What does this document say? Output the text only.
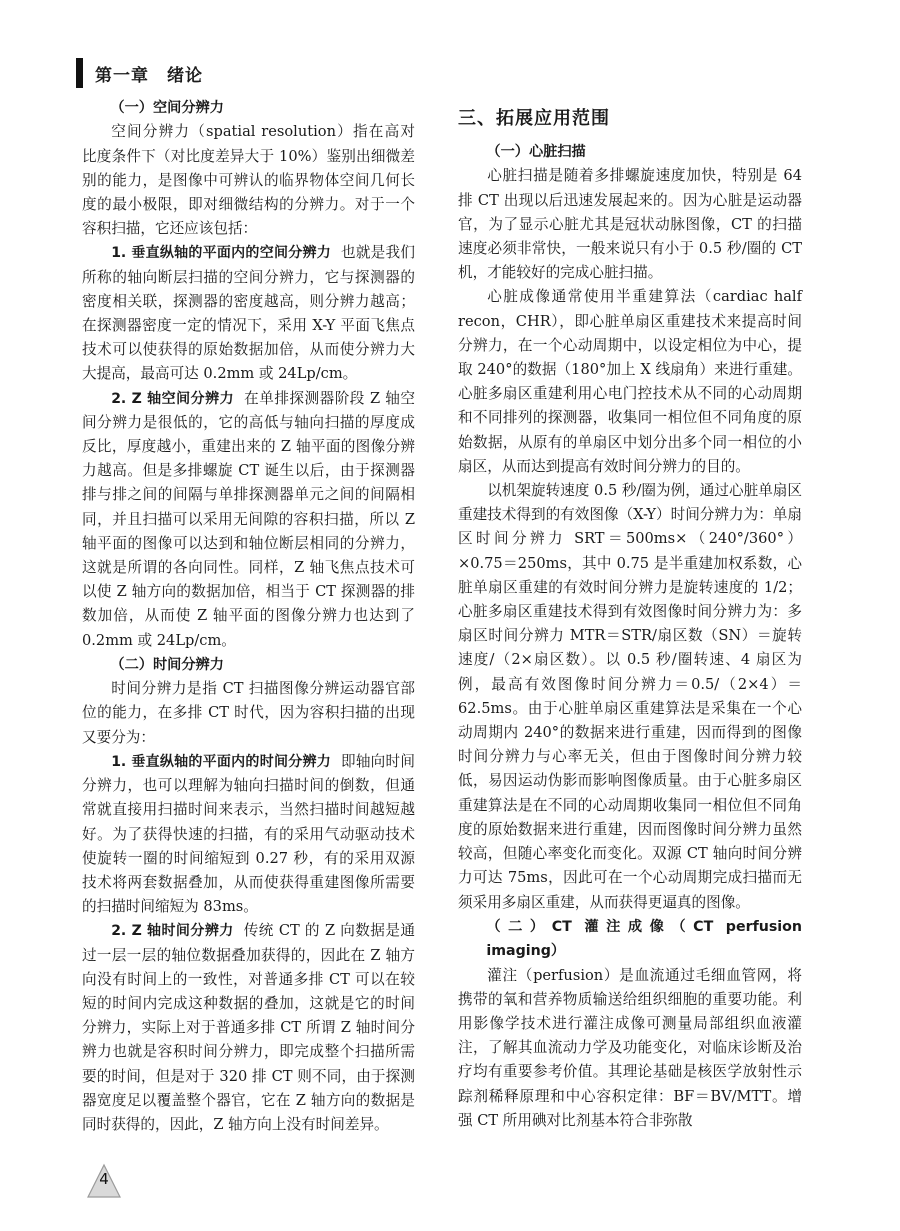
第一章　绪论
（一）空间分辨力

空间分辨力（spatial resolution）指在高对比度条件下（对比度差异大于 10%）鉴别出细微差别的能力，是图像中可辨认的临界物体空间几何长度的最小极限，即对细微结构的分辨力。对于一个容积扫描，它还应该包括：

1. 垂直纵轴的平面内的空间分辨力 也就是我们所称的轴向断层扫描的空间分辨力，它与探测器的密度相关联，探测器的密度越高，则分辨力越高；在探测器密度一定的情况下，采用 X-Y 平面飞焦点技术可以使获得的原始数据加倍，从而使分辨力大大提高，最高可达 0.2mm 或 24Lp/cm。

2. Z 轴空间分辨力 在单排探测器阶段 Z 轴空间分辨力是很低的，它的高低与轴向扫描的厚度成反比，厚度越小，重建出来的 Z 轴平面的图像分辨力越高。但是多排螺旋 CT 诞生以后，由于探测器排与排之间的间隔与单排探测器单元之间的间隔相同，并且扫描可以采用无间隙的容积扫描，所以 Z 轴平面的图像可以达到和轴位断层相同的分辨力，这就是所谓的各向同性。同样，Z 轴飞焦点技术可以使 Z 轴方向的数据加倍，相当于 CT 探测器的排数加倍，从而使 Z 轴平面的图像分辨力也达到了 0.2mm 或 24Lp/cm。

（二）时间分辨力

时间分辨力是指 CT 扫描图像分辨运动器官部位的能力，在多排 CT 时代，因为容积扫描的出现又要分为：

1. 垂直纵轴的平面内的时间分辨力 即轴向时间分辨力，也可以理解为轴向扫描时间的倒数，但通常就直接用扫描时间来表示，当然扫描时间越短越好。为了获得快速的扫描，有的采用气动驱动技术使旋转一圈的时间缩短到 0.27 秒，有的采用双源技术将两套数据叠加，从而使获得重建图像所需要的扫描时间缩短为 83ms。

2. Z 轴时间分辨力 传统 CT 的 Z 向数据是通过一层一层的轴位数据叠加获得的，因此在 Z 轴方向没有时间上的一致性，对普通多排 CT 可以在较短的时间内完成这种数据的叠加，这就是它的时间分辨力，实际上对于普通多排 CT 所谓 Z 轴时间分辨力也就是容积时间分辨力，即完成整个扫描所需要的时间，但是对于 320 排 CT 则不同，由于探测器宽度足以覆盖整个器官，它在 Z 轴方向的数据是同时获得的，因此，Z 轴方向上没有时间差异。

三、拓展应用范围
（一）心脏扫描

心脏扫描是随着多排螺旋速度加快，特别是 64 排 CT 出现以后迅速发展起来的。因为心脏是运动器官，为了显示心脏尤其是冠状动脉图像，CT 的扫描速度必须非常快，一般来说只有小于 0.5 秒/圈的 CT 机，才能较好的完成心脏扫描。

心脏成像通常使用半重建算法（cardiac half recon，CHR），即心脏单扇区重建技术来提高时间分辨力，在一个心动周期中，以设定相位为中心，提取 240°的数据（180°加上 X 线扇角）来进行重建。心脏多扇区重建利用心电门控技术从不同的心动周期和不同排列的探测器，收集同一相位但不同角度的原始数据，从原有的单扇区中划分出多个同一相位的小扇区，从而达到提高有效时间分辨力的目的。

以机架旋转速度 0.5 秒/圈为例，通过心脏单扇区重建技术得到的有效图像（X-Y）时间分辨力为：单扇区时间分辨力 SRT＝500ms×（240°/360°）×0.75＝250ms，其中 0.75 是半重建加权系数，心脏单扇区重建的有效时间分辨力是旋转速度的 1/2；心脏多扇区重建技术得到有效图像时间分辨力为：多扇区时间分辨力 MTR＝STR/扇区数（SN）＝旋转速度/（2×扇区数）。以 0.5 秒/圈转速、4 扇区为例，最高有效图像时间分辨力＝0.5/（2×4）＝62.5ms。由于心脏单扇区重建算法是采集在一个心动周期内 240°的数据来进行重建，因而得到的图像时间分辨力与心率无关，但由于图像时间分辨力较低，易因运动伪影而影响图像质量。由于心脏多扇区重建算法是在不同的心动周期收集同一相位但不同角度的原始数据来进行重建，因而图像时间分辨力虽然较高，但随心率变化而变化。双源 CT 轴向时间分辨力可达 75ms，因此可在一个心动周期完成扫描而无须采用多扇区重建，从而获得更逼真的图像。

（二）CT 灌注成像（CT perfusion imaging）

灌注（perfusion）是血流通过毛细血管网，将携带的氧和营养物质输送给组织细胞的重要功能。利用影像学技术进行灌注成像可测量局部组织血液灌注，了解其血流动力学及功能变化，对临床诊断及治疗均有重要参考价值。其理论基础是核医学放射性示踪剂稀释原理和中心容积定律：BF＝BV/MTT。增强 CT 所用碘对比剂基本符合非弥散

4
